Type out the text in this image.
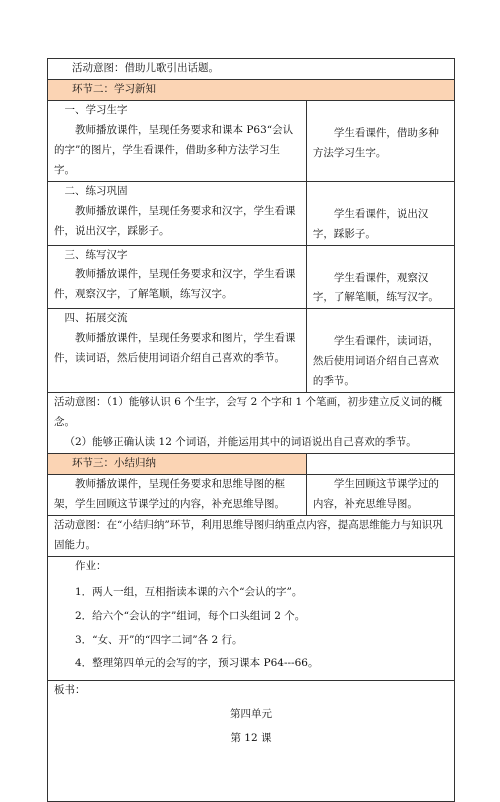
活动意图：借助儿歌引出话题。	
环节二：学习新知	

一、学习生字

教师播放课件，呈现任务要求和课本 P63“会认的字”的图片，学生看课件，借助多种方法学习生字。	学生看课件，借助多种方法学习生字。

二、练习巩固

教师播放课件，呈现任务要求和汉字，学生看课件，说出汉字，踩影子。	学生看课件，说出汉字，踩影子。

三、练写汉字

教师播放课件，呈现任务要求和汉字，学生看课件，观察汉字，了解笔顺，练写汉字。	学生看课件，观察汉字，了解笔顺，练写汉字。

四、拓展交流

教师播放课件，呈现任务要求和图片，学生看课件，读词语，然后使用词语介绍自己喜欢的季节。	学生看课件，读词语，然后使用词语介绍自己喜欢的季节。

活动意图：（1）能够认识 6 个生字，会写 2 个字和 1 个笔画，初步建立反义词的概念。

（2）能够正确认读 12 个词语，并能运用其中的词语说出自己喜欢的季节。	

环节三：小结归纳	

教师播放课件，呈现任务要求和思维导图的框架，学生回顾这节课学过的内容，补充思维导图。	学生回顾这节课学过的内容，补充思维导图。

活动意图：在“小结归纳”环节，利用思维导图归纳重点内容，提高思维能力与知识巩固能力。	

作业：

1．两人一组，互相指读本课的六个“会认的字”。

2．给六个“会认的字”组词，每个口头组词 2 个。

3．“女、开”的“四字二词”各 2 行。

4．整理第四单元的会写的字，预习课本 P64---66。	

板书：

第四单元

第 12 课	
